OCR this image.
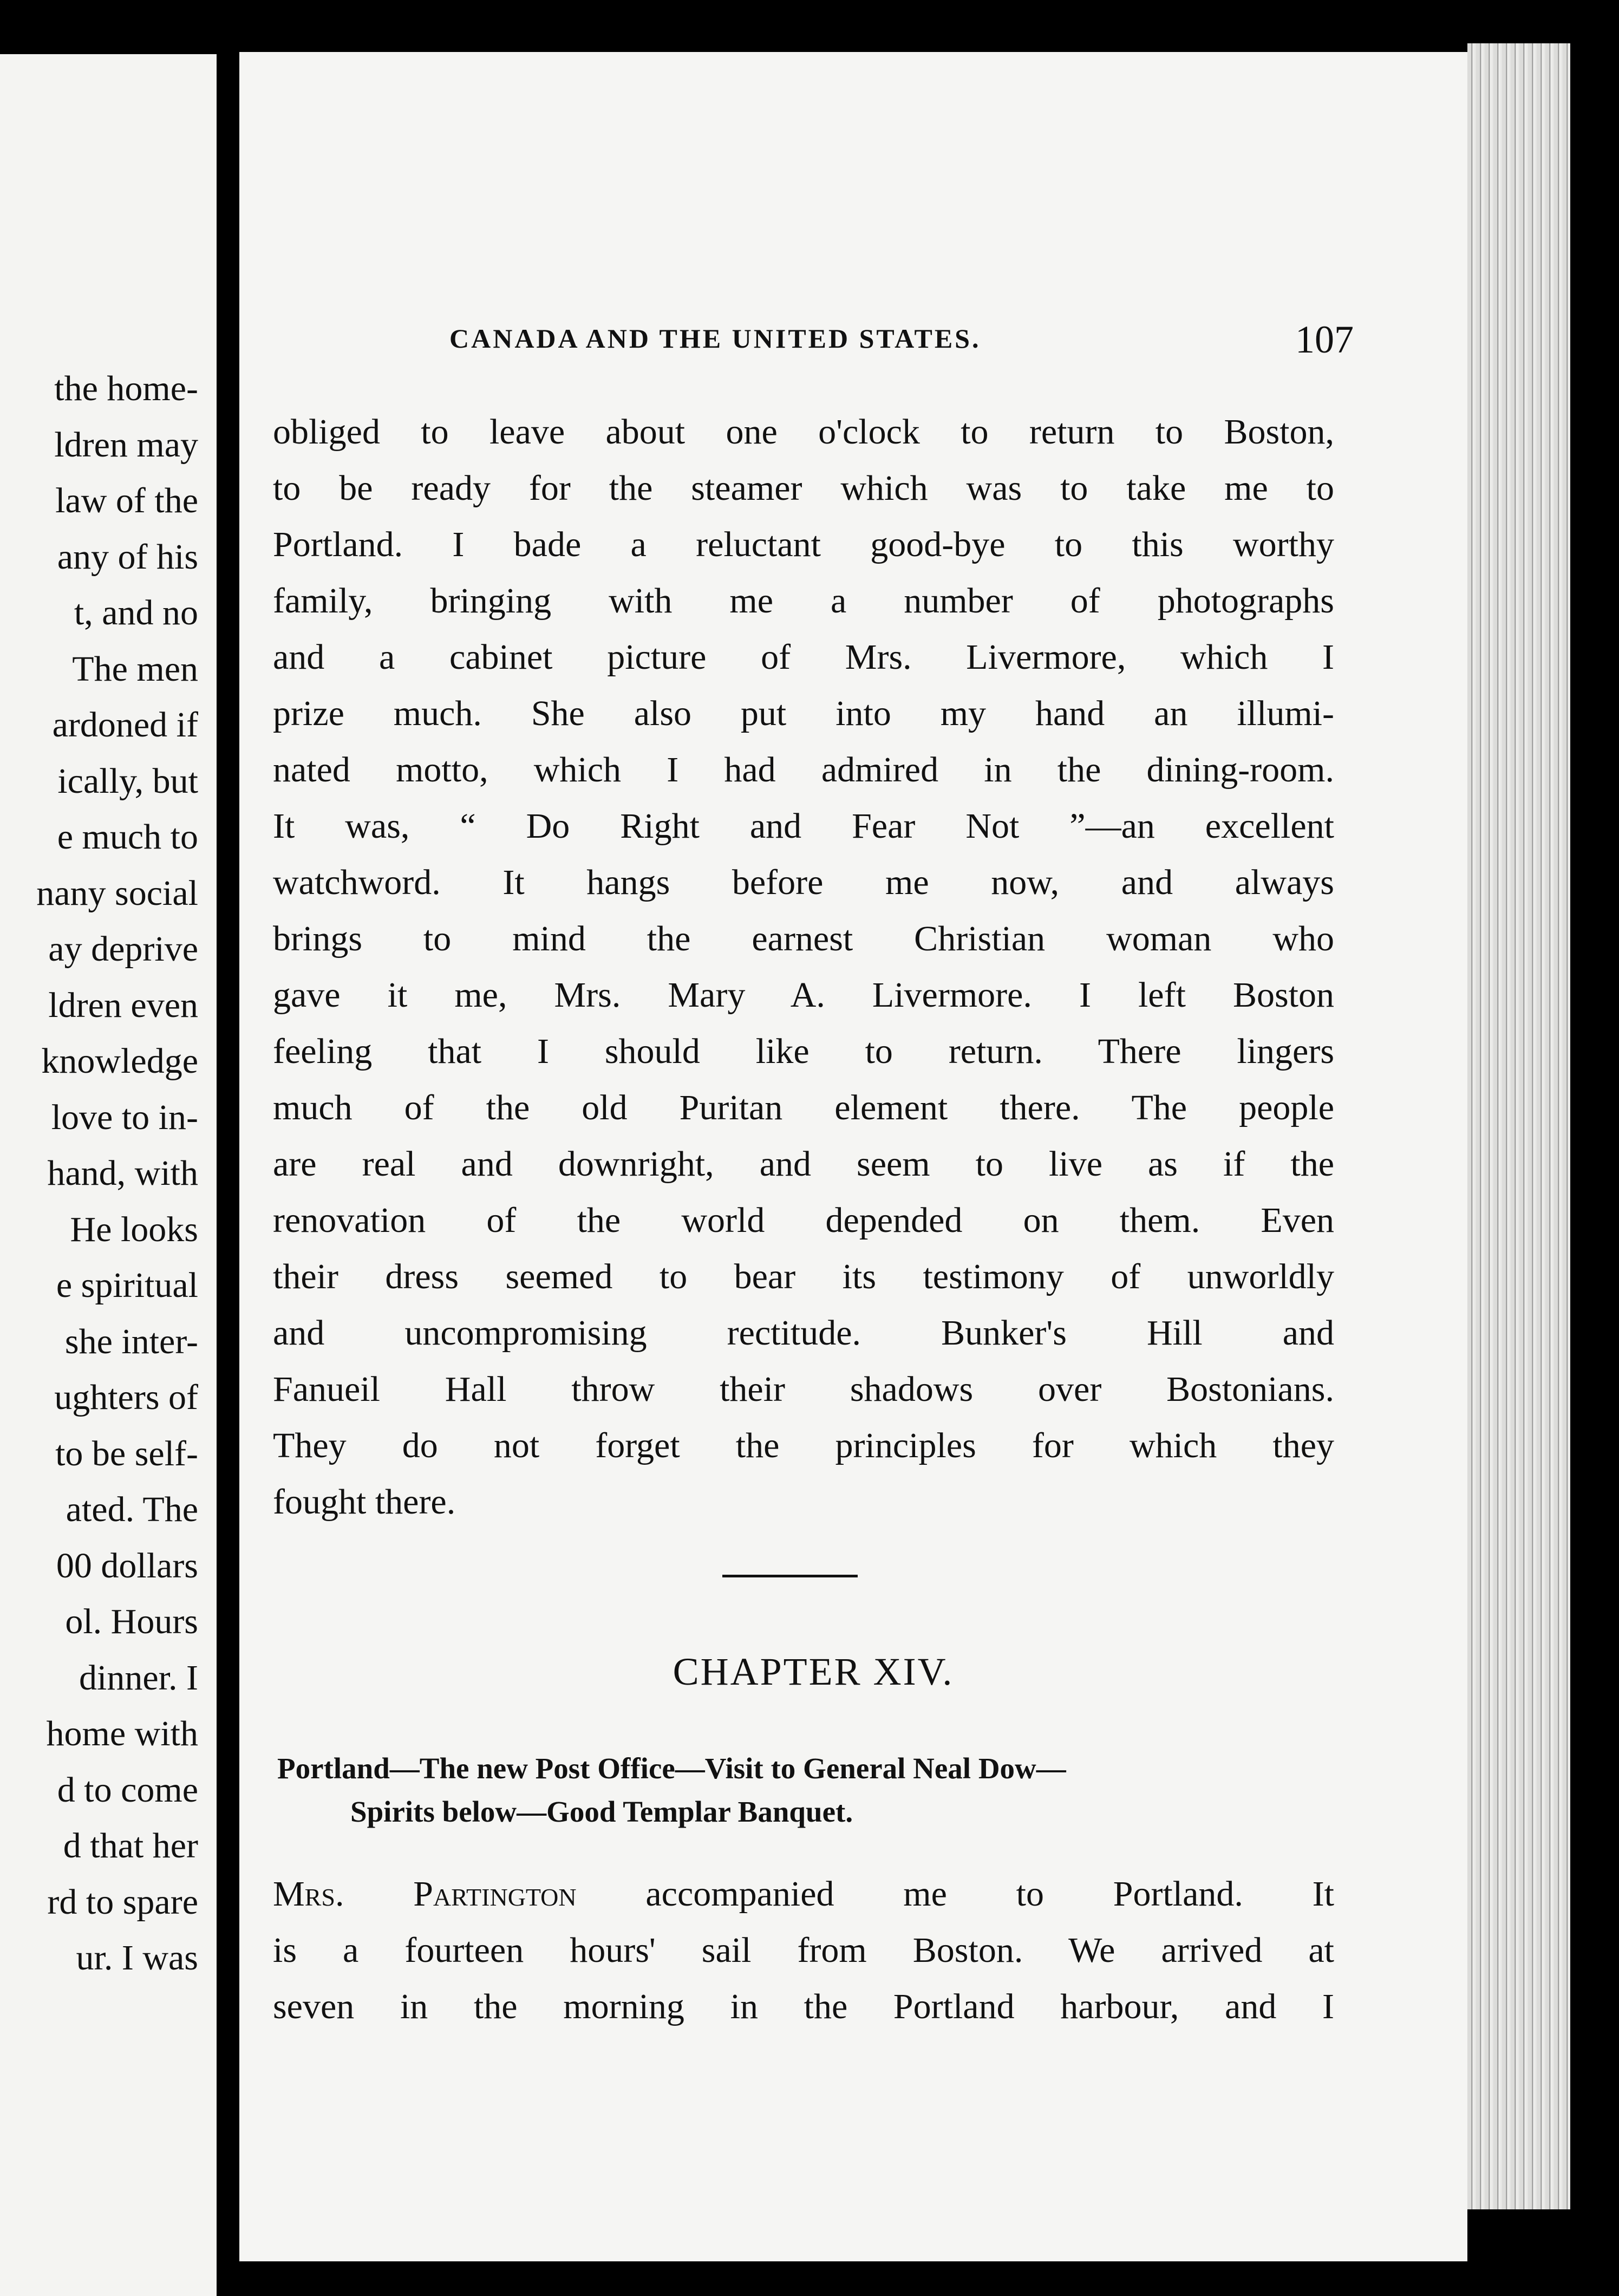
the home-
ldren may
law of the
any of his
t, and no
The men
ardoned if
ically, but
e much to
nany social
ay deprive
ldren even
knowledge
love to in-
hand, with
He looks
e spiritual
she inter-
ughters of
to be self-
ated. The
00 dollars
ol. Hours
dinner. I
home with
d to come
d that her
rd to spare
ur. I was
CANADA AND THE UNITED STATES.	107
obliged to leave about one o'clock to return to Boston,
to be ready for the steamer which was to take me to
Portland. I bade a reluctant good-bye to this worthy
family, bringing with me a number of photographs
and a cabinet picture of Mrs. Livermore, which I
prize much. She also put into my hand an illumi-
nated motto, which I had admired in the dining-room.
It was, “ Do Right and Fear Not ”—an excellent
watchword. It hangs before me now, and always
brings to mind the earnest Christian woman who
gave it me, Mrs. Mary A. Livermore. I left Boston
feeling that I should like to return. There lingers
much of the old Puritan element there. The people
are real and downright, and seem to live as if the
renovation of the world depended on them. Even
their dress seemed to bear its testimony of unworldly
and uncompromising rectitude. Bunker's Hill and
Fanueil Hall throw their shadows over Bostonians.
They do not forget the principles for which they
fought there.
CHAPTER XIV.
Portland—The new Post Office—Visit to General Neal Dow—
Spirits below—Good Templar Banquet.
Mrs. Partington accompanied me to Portland. It
is a fourteen hours' sail from Boston. We arrived at
seven in the morning in the Portland harbour, and I
